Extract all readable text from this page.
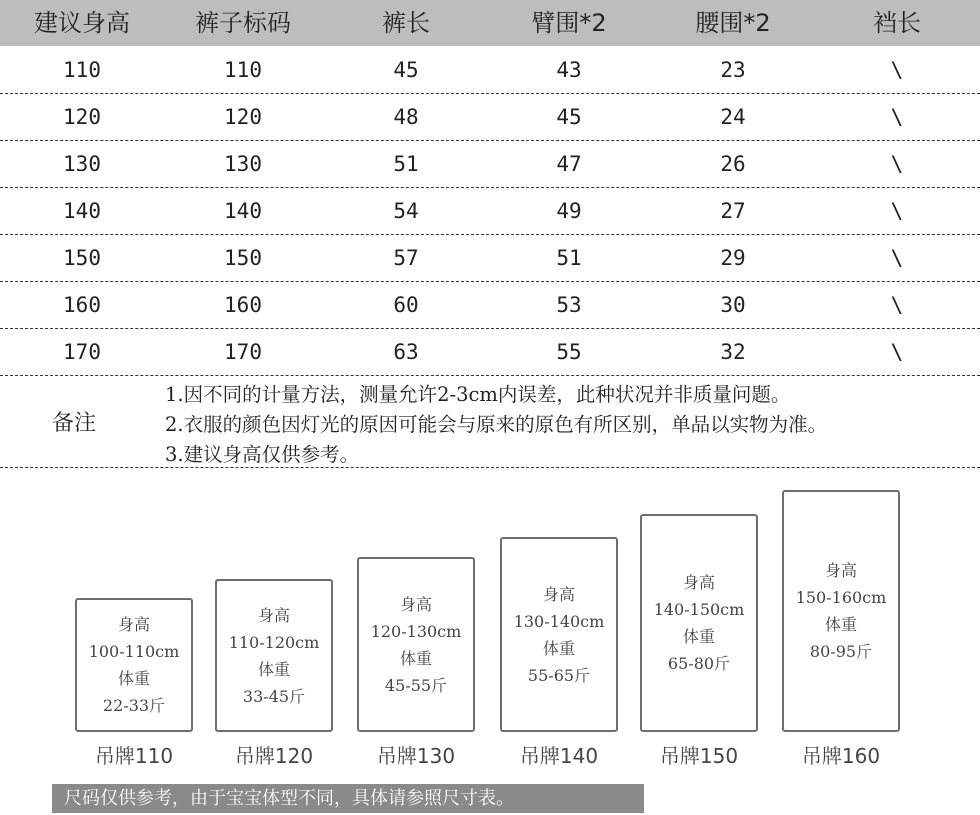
建议身高	裤子标码	裤长	臂围*2	腰围*2	裆长
110	110	45	43	23	\
120	120	48	45	24	\
130	130	51	47	26	\
140	140	54	49	27	\
150	150	57	51	29	\
160	160	60	53	30	\
170	170	63	55	32	\
备注
1.因不同的计量方法，测量允许2-3cm内误差，此种状况并非质量问题。
2.衣服的颜色因灯光的原因可能会与原来的原色有所区别，单品以实物为准。
3.建议身高仅供参考。
身高
100-110cm
体重
22-33斤
身高
110-120cm
体重
33-45斤
身高
120-130cm
体重
45-55斤
身高
130-140cm
体重
55-65斤
身高
140-150cm
体重
65-80斤
身高
150-160cm
体重
80-95斤
吊牌110	吊牌120	吊牌130	吊牌140	吊牌150	吊牌160
尺码仅供参考，由于宝宝体型不同，具体请参照尺寸表。
